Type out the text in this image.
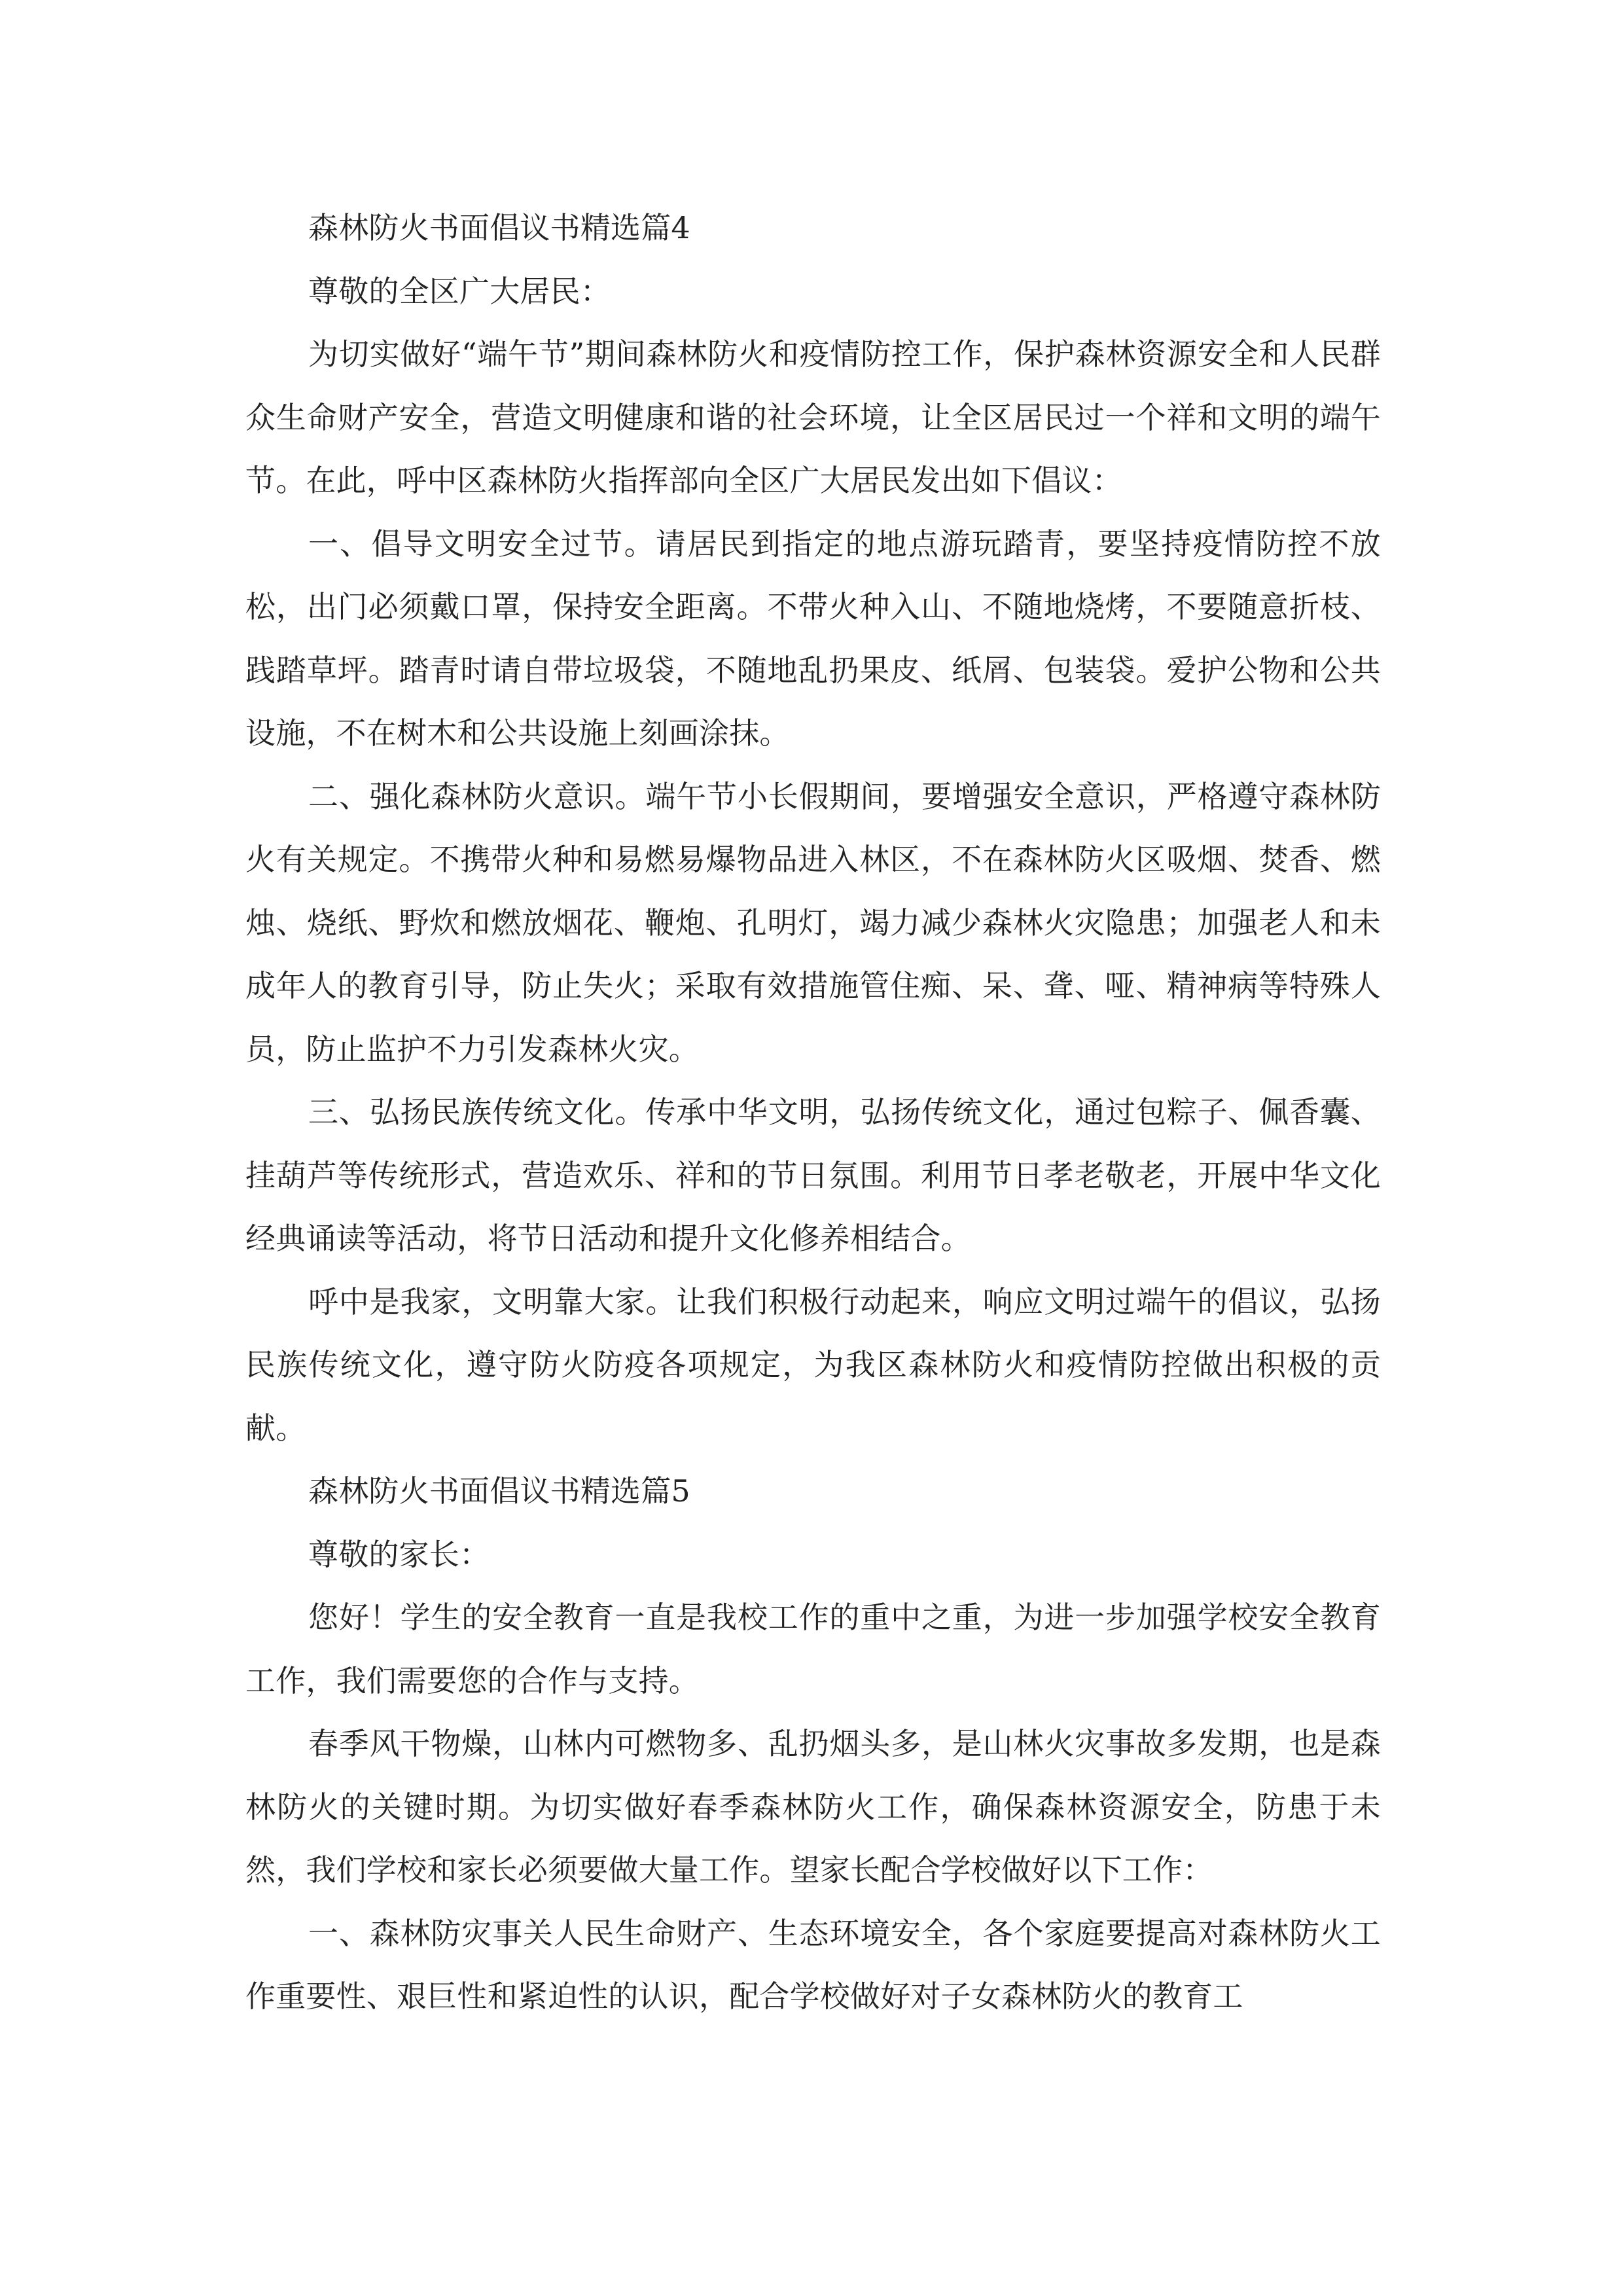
森林防火书面倡议书精选篇4

尊敬的全区广大居民：

为切实做好“端午节”期间森林防火和疫情防控工作，保护森林资源安全和人民群众生命财产安全，营造文明健康和谐的社会环境，让全区居民过一个祥和文明的端午节。在此，呼中区森林防火指挥部向全区广大居民发出如下倡议：

一、倡导文明安全过节。请居民到指定的地点游玩踏青，要坚持疫情防控不放松，出门必须戴口罩，保持安全距离。不带火种入山、不随地烧烤，不要随意折枝、践踏草坪。踏青时请自带垃圾袋，不随地乱扔果皮、纸屑、包装袋。爱护公物和公共设施，不在树木和公共设施上刻画涂抹。

二、强化森林防火意识。端午节小长假期间，要增强安全意识，严格遵守森林防火有关规定。不携带火种和易燃易爆物品进入林区，不在森林防火区吸烟、焚香、燃烛、烧纸、野炊和燃放烟花、鞭炮、孔明灯，竭力减少森林火灾隐患；加强老人和未成年人的教育引导，防止失火；采取有效措施管住痴、呆、聋、哑、精神病等特殊人员，防止监护不力引发森林火灾。

三、弘扬民族传统文化。传承中华文明，弘扬传统文化，通过包粽子、佩香囊、挂葫芦等传统形式，营造欢乐、祥和的节日氛围。利用节日孝老敬老，开展中华文化经典诵读等活动，将节日活动和提升文化修养相结合。

呼中是我家，文明靠大家。让我们积极行动起来，响应文明过端午的倡议，弘扬民族传统文化，遵守防火防疫各项规定，为我区森林防火和疫情防控做出积极的贡献。

森林防火书面倡议书精选篇5

尊敬的家长：

您好！学生的安全教育一直是我校工作的重中之重，为进一步加强学校安全教育工作，我们需要您的合作与支持。

春季风干物燥，山林内可燃物多、乱扔烟头多，是山林火灾事故多发期，也是森林防火的关键时期。为切实做好春季森林防火工作，确保森林资源安全，防患于未然，我们学校和家长必须要做大量工作。望家长配合学校做好以下工作：

一、森林防灾事关人民生命财产、生态环境安全，各个家庭要提高对森林防火工作重要性、艰巨性和紧迫性的认识，配合学校做好对子女森林防火的教育工
